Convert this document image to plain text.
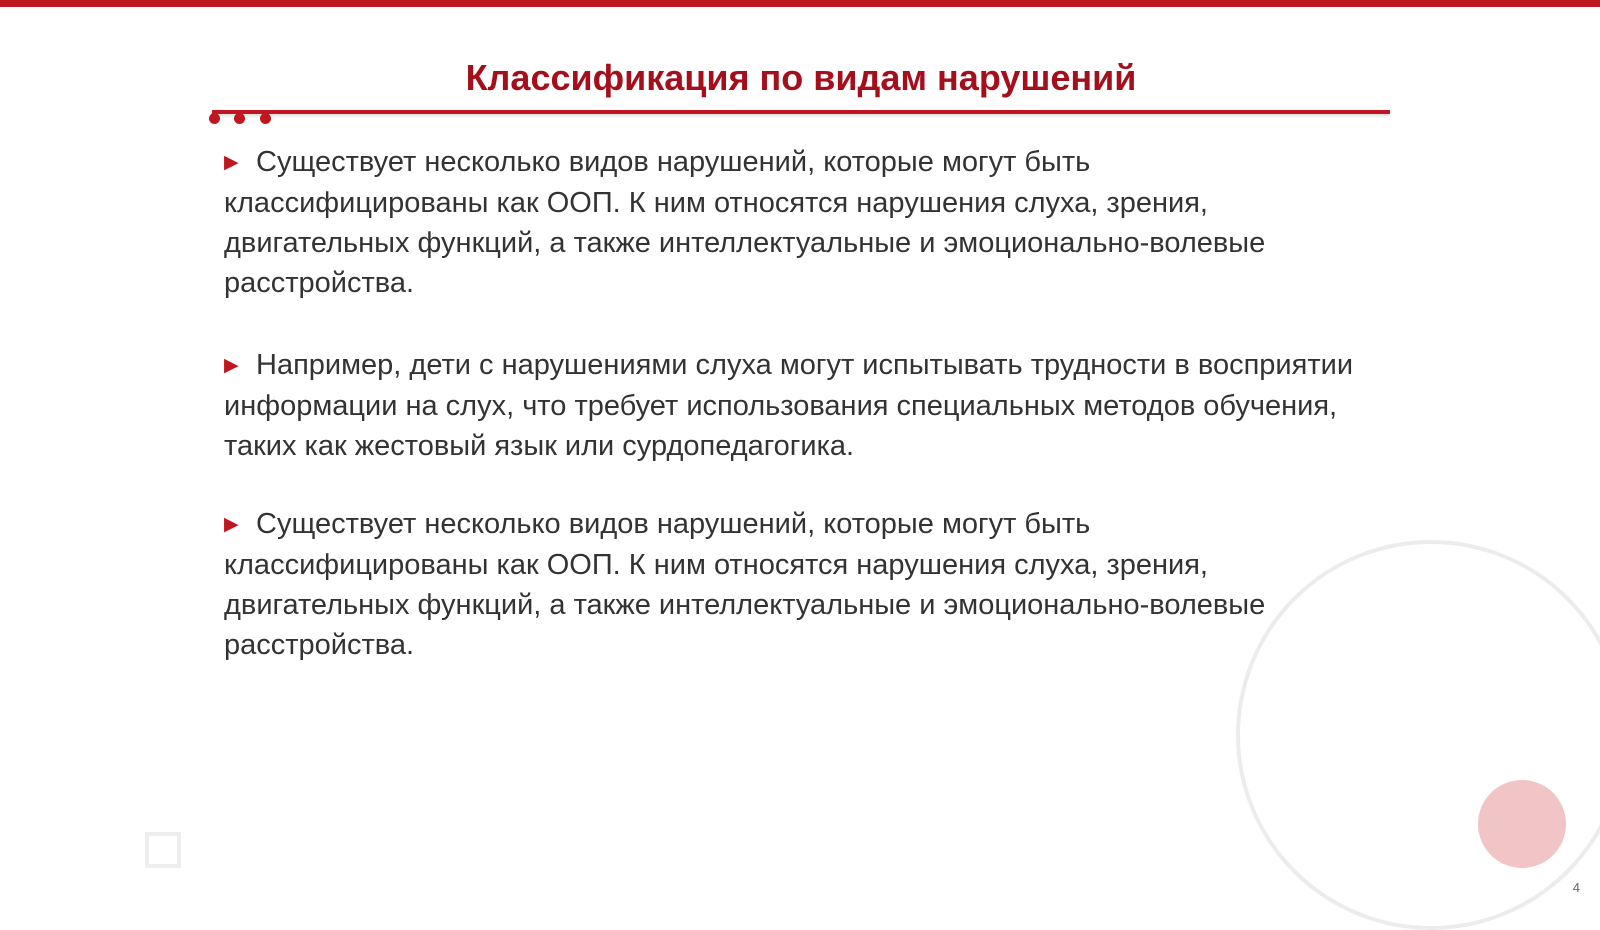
Классификация по видам нарушений

▶ Существует несколько видов нарушений, которые могут быть классифицированы как ООП. К ним относятся нарушения слуха, зрения, двигательных функций, а также интеллектуальные и эмоционально-волевые расстройства.

▶ Например, дети с нарушениями слуха могут испытывать трудности в восприятии информации на слух, что требует использования специальных методов обучения, таких как жестовый язык или сурдопедагогика.

▶ Существует несколько видов нарушений, которые могут быть классифицированы как ООП. К ним относятся нарушения слуха, зрения, двигательных функций, а также интеллектуальные и эмоционально-волевые расстройства.

4
